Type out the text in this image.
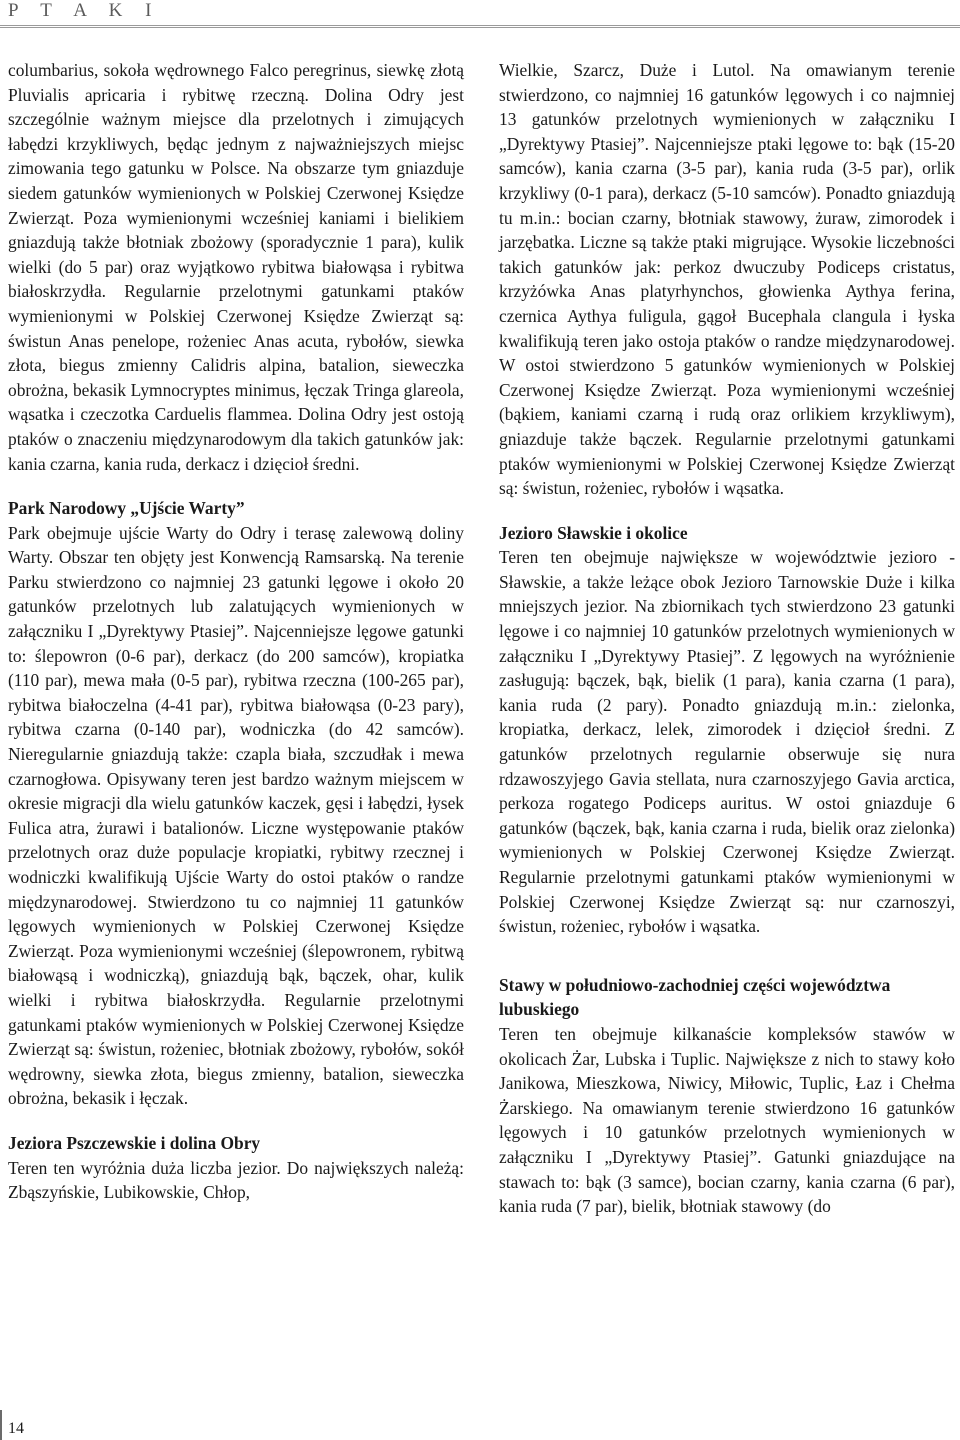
P T A K I

columbarius, sokoła wędrownego Falco peregrinus, siewkę złotą Pluvialis apricaria i rybitwę rzeczną. Dolina Odry jest szczególnie ważnym miejsce dla przelotnych i zimujących łabędzi krzykliwych, będąc jednym z najważniejszych miejsc zimowania tego gatunku w Polsce. Na obszarze tym gniazduje siedem gatunków wymienionych w Polskiej Czerwonej Księdze Zwierząt. Poza wymienionymi wcześniej kaniami i bielikiem gniazdują także błotniak zbożowy (sporadycznie 1 para), kulik wielki (do 5 par) oraz wyjątkowo rybitwa białowąsa i rybitwa białoskrzydła. Regularnie przelotnymi gatunkami ptaków wymienionymi w Polskiej Czerwonej Księdze Zwierząt są: świstun Anas penelope, rożeniec Anas acuta, rybołów, siewka złota, biegus zmienny Calidris alpina, batalion, sieweczka obrożna, bekasik Lymnocryptes minimus, łęczak Tringa glareola, wąsatka i czeczotka Carduelis flammea. Dolina Odry jest ostoją ptaków o znaczeniu międzynarodowym dla takich gatunków jak: kania czarna, kania ruda, derkacz i dzięcioł średni.

Park Narodowy „Ujście Warty”

Park obejmuje ujście Warty do Odry i terasę zalewową doliny Warty. Obszar ten objęty jest Konwencją Ramsarską. Na terenie Parku stwierdzono co najmniej 23 gatunki lęgowe i około 20 gatunków przelotnych lub zalatujących wymienionych w załączniku I „Dyrektywy Ptasiej”. Najcenniejsze lęgowe gatunki to: ślepowron (0-6 par), derkacz (do 200 samców), kropiatka (110 par), mewa mała (0-5 par), rybitwa rzeczna (100-265 par), rybitwa białoczelna (4-41 par), rybitwa białowąsa (0-23 pary), rybitwa czarna (0-140 par), wodniczka (do 42 samców). Nieregularnie gniazdują także: czapla biała, szczudłak i mewa czarnogłowa. Opisywany teren jest bardzo ważnym miejscem w okresie migracji dla wielu gatunków kaczek, gęsi i łabędzi, łysek Fulica atra, żurawi i batalionów. Liczne występowanie ptaków przelotnych oraz duże populacje kropiatki, rybitwy rzecznej i wodniczki kwalifikują Ujście Warty do ostoi ptaków o randze międzynarodowej. Stwierdzono tu co najmniej 11 gatunków lęgowych wymienionych w Polskiej Czerwonej Księdze Zwierząt. Poza wymienionymi wcześniej (ślepowronem, rybitwą białowąsą i wodniczką), gniazdują bąk, bączek, ohar, kulik wielki i rybitwa białoskrzydła. Regularnie przelotnymi gatunkami ptaków wymienionych w Polskiej Czerwonej Księdze Zwierząt są: świstun, rożeniec, błotniak zbożowy, rybołów, sokół wędrowny, siewka złota, biegus zmienny, batalion, sieweczka obrożna, bekasik i łęczak.

Jeziora Pszczewskie i dolina Obry

Teren ten wyróżnia duża liczba jezior. Do największych należą: Zbąszyńskie, Lubikowskie, Chłop,

Wielkie, Szarcz, Duże i Lutol. Na omawianym terenie stwierdzono, co najmniej 16 gatunków lęgowych i co najmniej 13 gatunków przelotnych wymienionych w załączniku I „Dyrektywy Ptasiej”. Najcenniejsze ptaki lęgowe to: bąk (15-20 samców), kania czarna (3-5 par), kania ruda (3-5 par), orlik krzykliwy (0-1 para), derkacz (5-10 samców). Ponadto gniazdują tu m.in.: bocian czarny, błotniak stawowy, żuraw, zimorodek i jarzębatka. Liczne są także ptaki migrujące. Wysokie liczebności takich gatunków jak: perkoz dwuczuby Podiceps cristatus, krzyżówka Anas platyrhynchos, głowienka Aythya ferina, czernica Aythya fuligula, gągoł Bucephala clangula i łyska kwalifikują teren jako ostoja ptaków o randze międzynarodowej. W ostoi stwierdzono 5 gatunków wymienionych w Polskiej Czerwonej Księdze Zwierząt. Poza wymienionymi wcześniej (bąkiem, kaniami czarną i rudą oraz orlikiem krzykliwym), gniazduje także bączek. Regularnie przelotnymi gatunkami ptaków wymienionymi w Polskiej Czerwonej Księdze Zwierząt są: świstun, rożeniec, rybołów i wąsatka.

Jezioro Sławskie i okolice

Teren ten obejmuje największe w województwie jezioro - Sławskie, a także leżące obok Jezioro Tarnowskie Duże i kilka mniejszych jezior. Na zbiornikach tych stwierdzono 23 gatunki lęgowe i co najmniej 10 gatunków przelotnych wymienionych w załączniku I „Dyrektywy Ptasiej”. Z lęgowych na wyróżnienie zasługują: bączek, bąk, bielik (1 para), kania czarna (1 para), kania ruda (2 pary). Ponadto gniazdują m.in.: zielonka, kropiatka, derkacz, lelek, zimorodek i dzięcioł średni. Z gatunków przelotnych regularnie obserwuje się nura rdzawoszyjego Gavia stellata, nura czarnoszyjego Gavia arctica, perkoza rogatego Podiceps auritus. W ostoi gniazduje 6 gatunków (bączek, bąk, kania czarna i ruda, bielik oraz zielonka) wymienionych w Polskiej Czerwonej Księdze Zwierząt. Regularnie przelotnymi gatunkami ptaków wymienionymi w Polskiej Czerwonej Księdze Zwierząt są: nur czarnoszyi, świstun, rożeniec, rybołów i wąsatka.

Stawy w południowo-zachodniej części województwa lubuskiego

Teren ten obejmuje kilkanaście kompleksów stawów w okolicach Żar, Lubska i Tuplic. Największe z nich to stawy koło Janikowa, Mieszkowa, Niwicy, Miłowic, Tuplic, Łaz i Chełma Żarskiego. Na omawianym terenie stwierdzono 16 gatunków lęgowych i 10 gatunków przelotnych wymienionych w załączniku I „Dyrektywy Ptasiej”. Gatunki gniazdujące na stawach to: bąk (3 samce), bocian czarny, kania czarna (6 par), kania ruda (7 par), bielik, błotniak stawowy (do

14
